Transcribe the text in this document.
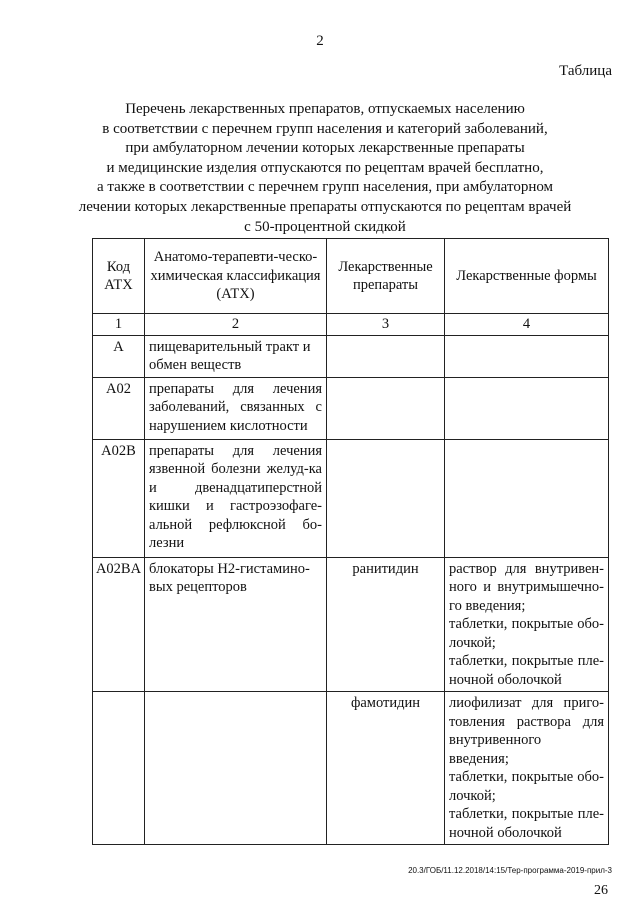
2
Таблица
Перечень лекарственных препаратов, отпускаемых населению
в соответствии с перечнем групп населения и категорий заболеваний,
при амбулаторном лечении которых лекарственные препараты
и медицинские изделия отпускаются по рецептам врачей бесплатно,
а также в соответствии с перечнем групп населения, при амбулаторном
лечении которых лекарственные препараты отпускаются по рецептам врачей
с 50-процентной скидкой
Код АТХ	Анатомо-терапевти-ческо-химическая классификация (АТХ)	Лекарственные препараты	Лекарственные формы
1	2	3	4
A	пищеварительный тракт и обмен веществ		
A02	препараты для лечения заболеваний, связанных с нарушением кислотности		
A02B	препараты для лечения язвенной болезни желуд-ка и двенадцатиперстной кишки и гастроэзофаге-альной рефлюксной бо-лезни		
A02BA	блокаторы Н2-гистамино-вых рецепторов	ранитидин	раствор для внутривен-ного и внутримышечно-го введения;
таблетки, покрытые обо-лочкой;
таблетки, покрытые пле-ночной оболочкой
		фамотидин	лиофилизат для приго-товления раствора для внутривенного введения;
таблетки, покрытые обо-лочкой;
таблетки, покрытые пле-ночной оболочкой
20.3/ГОБ/11.12.2018/14:15/Тер-программа-2019-прил-3
26
